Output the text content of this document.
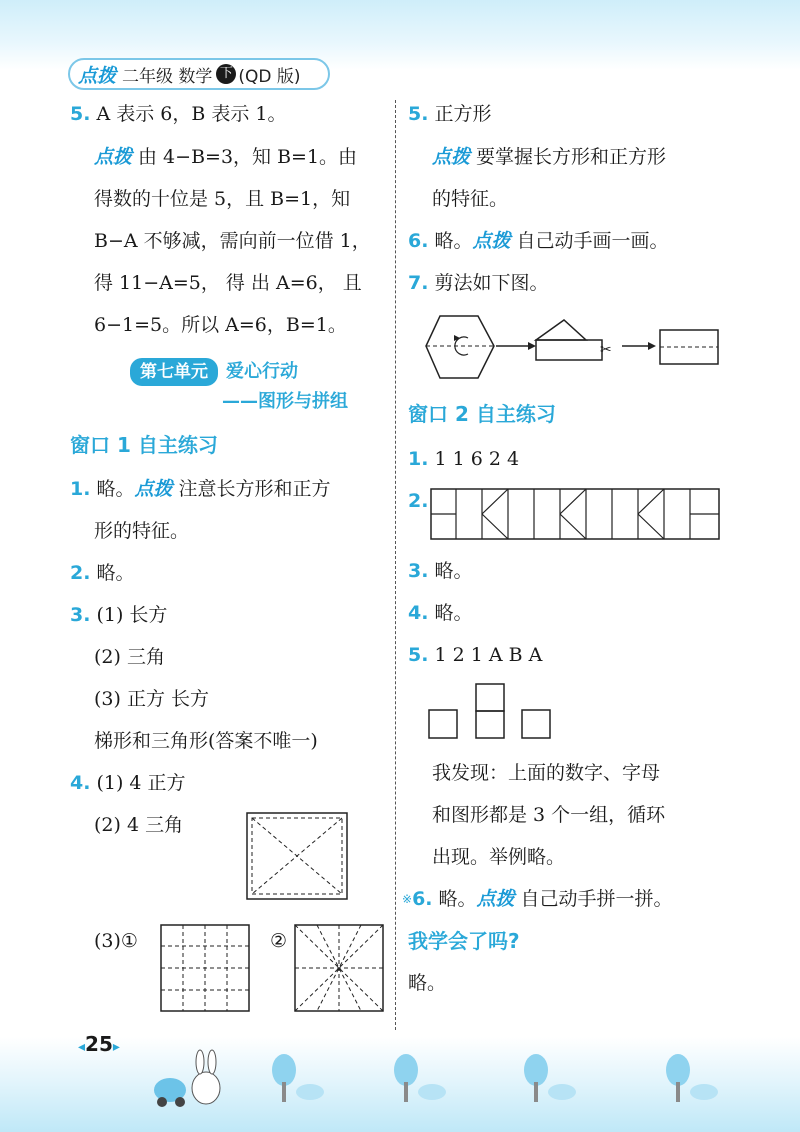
点拨 二年级 数学 下 (QD 版)
5. A 表示 6，B 表示 1。
点拨 由 4−B=3，知 B=1。由
得数的十位是 5，且 B=1，知
B−A 不够减，需向前一位借 1，
得 11−A=5， 得 出 A=6， 且
6−1=5。所以 A=6，B=1。
第七单元 爱心行动
——图形与拼组
窗口 1 自主练习
1. 略。点拨 注意长方形和正方
形的特征。
2. 略。
3. (1) 长方
(2) 三角
(3) 正方 长方
梯形和三角形(答案不唯一)
4. (1) 4 正方
(2) 4 三角
(3)①	②
5. 正方形
点拨 要掌握长方形和正方形
的特征。
6. 略。点拨 自己动手画一画。
7. 剪法如下图。
窗口 2 自主练习
1. 1 1 6 2 4
2.
3. 略。
4. 略。
5. 1 2 1 A B A
我发现：上面的数字、字母
和图形都是 3 个一组，循环
出现。举例略。
※6. 略。点拨 自己动手拼一拼。
我学会了吗?
略。
✂
◂25▸
